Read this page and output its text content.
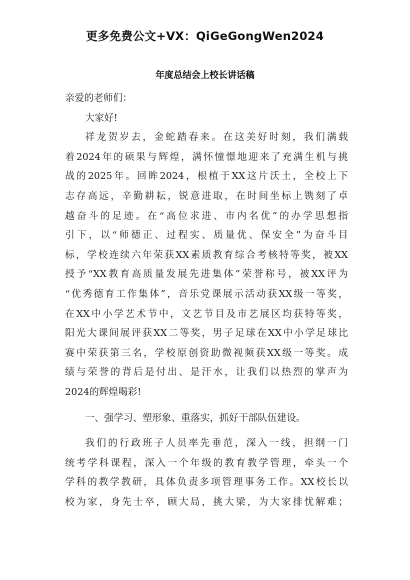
更多免费公文+VX：QiGeGongWen2024
年度总结会上校长讲话稿
亲爱的老师们：
大家好!
祥龙贺岁去，金蛇踏春来。在这美好时刻，我们满载
着2024年的硕果与辉煌，满怀憧憬地迎来了充满生机与挑
战的2025年。回眸2024，根植于XX这片沃土，全校上下
志存高远，辛勤耕耘，锐意进取，在时间坐标上镌刻了卓
越奋斗的足迹。在“高位求进、市内名优”的办学思想指
引下，以“师德正、过程实、质量优、保安全”为奋斗目
标，学校连续六年荣获XX素质教育综合考核特等奖，被XX
授予“XX教育高质量发展先进集体”荣誉称号，被XX评为
“优秀德育工作集体”，音乐党课展示活动获XX级一等奖，
在XX中小学艺术节中，文艺节目及市艺展区均获特等奖，
阳光大课间展评获XX二等奖，男子足球在XX中小学足球比
赛中荣获第三名，学校原创资助微视频获XX级一等奖。成
绩与荣誉的背后是付出、是汗水，让我们以热烈的掌声为
2024的辉煌喝彩!
一、强学习、塑形象、重落实，抓好干部队伍建设。
我们的行政班子人员率先垂范，深入一线，担纲一门
统考学科课程，深入一个年级的教育教学管理，牵头一个
学科的教学教研，具体负责多项管理事务工作。XX校长以
校为家，身先士卒，顾大局，挑大梁，为大家排忧解难；
